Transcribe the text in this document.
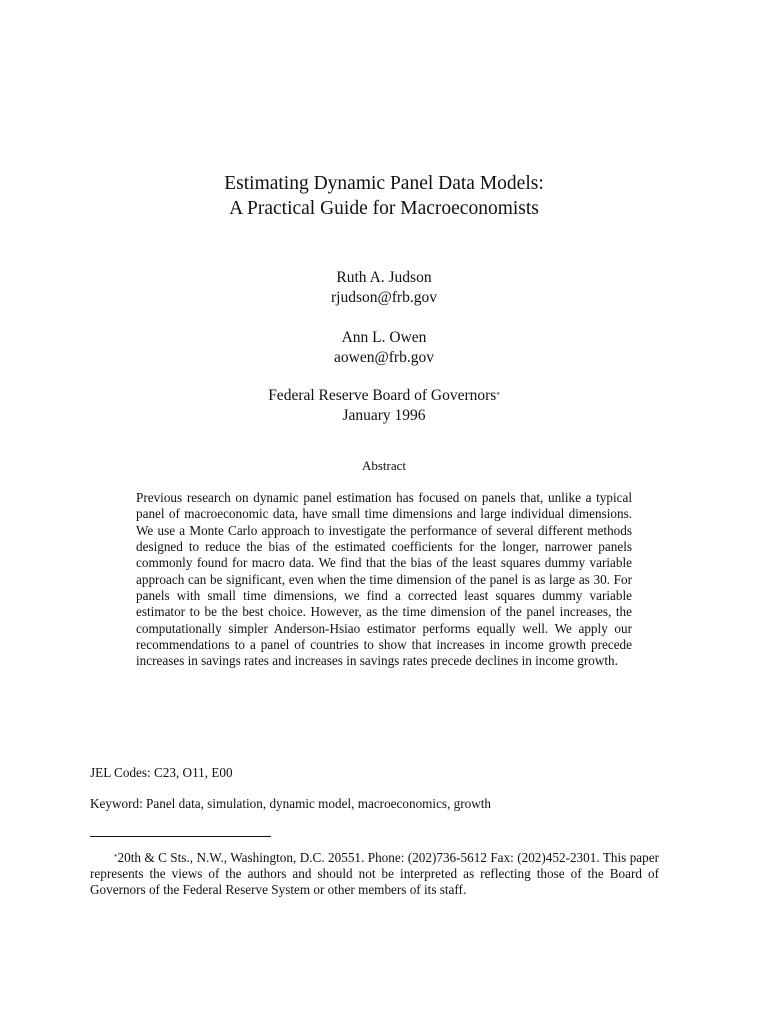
Estimating Dynamic Panel Data Models:
A Practical Guide for Macroeconomists
Ruth A. Judson
rjudson@frb.gov
Ann L. Owen
aowen@frb.gov
Federal Reserve Board of Governors*
January 1996
Abstract
Previous research on dynamic panel estimation has focused on panels that, unlike a typical panel of macroeconomic data, have small time dimensions and large individual dimensions. We use a Monte Carlo approach to investigate the performance of several different methods designed to reduce the bias of the estimated coefficients for the longer, narrower panels commonly found for macro data. We find that the bias of the least squares dummy variable approach can be significant, even when the time dimension of the panel is as large as 30. For panels with small time dimensions, we find a corrected least squares dummy variable estimator to be the best choice. However, as the time dimension of the panel increases, the computationally simpler Anderson-Hsiao estimator performs equally well. We apply our recommendations to a panel of countries to show that increases in income growth precede increases in savings rates and increases in savings rates precede declines in income growth.
JEL Codes: C23, O11, E00
Keyword: Panel data, simulation, dynamic model, macroeconomics, growth
*20th & C Sts., N.W., Washington, D.C. 20551. Phone: (202)736-5612 Fax: (202)452-2301. This paper represents the views of the authors and should not be interpreted as reflecting those of the Board of Governors of the Federal Reserve System or other members of its staff.
